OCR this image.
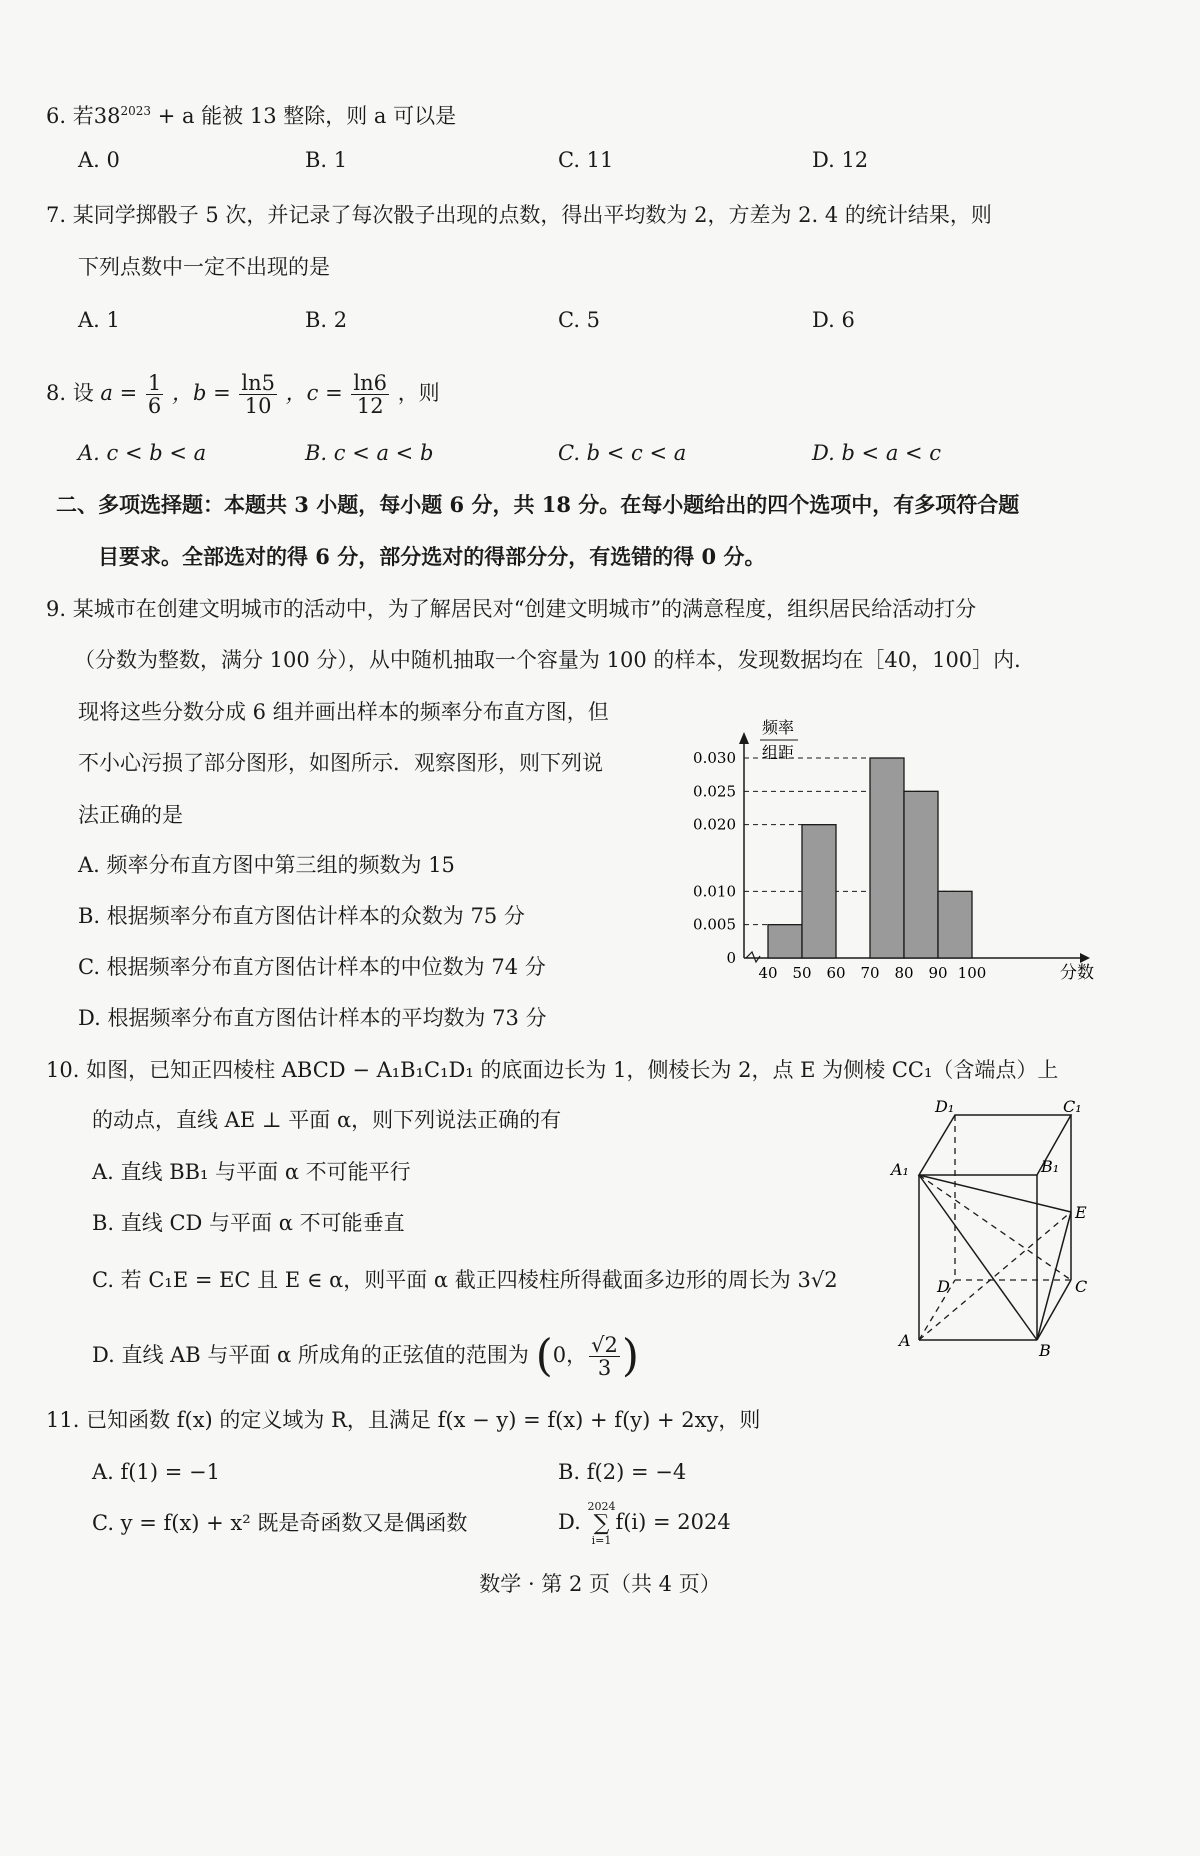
6. 若$38^{2023} + a$ 能被 13 整除，则 a 可以是
A. 0	B. 1	C. 11	D. 12
7. 某同学掷骰子 5 次，并记录了每次骰子出现的点数，得出平均数为 2，方差为 2. 4 的统计结果，则
下列点数中一定不出现的是
A. 1	B. 2	C. 5	D. 6
8. 设 $a = \frac{1}{6}$ ，$b = \frac{\ln 5}{10}$ ，$c = \frac{\ln 6}{12}$ ，则
A. c < b < a	B. c < a < b	C. b < c < a	D. b < a < c
二、多项选择题：本题共 3 小题，每小题 6 分，共 18 分。在每小题给出的四个选项中，有多项符合题
目要求。全部选对的得 6 分，部分选对的得部分分，有选错的得 0 分。
9. 某城市在创建文明城市的活动中，为了解居民对“创建文明城市”的满意程度，组织居民给活动打分
（分数为整数，满分 100 分），从中随机抽取一个容量为 100 的样本，发现数据均在［40，100］内．
现将这些分数分成 6 组并画出样本的频率分布直方图，但
不小心污损了部分图形，如图所示．观察图形，则下列说
法正确的是
A. 频率分布直方图中第三组的频数为 15
B. 根据频率分布直方图估计样本的众数为 75 分
C. 根据频率分布直方图估计样本的中位数为 74 分
D. 根据频率分布直方图估计样本的平均数为 73 分
0.030
0.025
0.020
0.010
0.005
0
40 50 60 70 80 90 100
频率
组距
分数
10. 如图，已知正四棱柱 ABCD − A₁B₁C₁D₁ 的底面边长为 1，侧棱长为 2，点 E 为侧棱 CC₁（含端点）上
的动点，直线 AE ⊥ 平面 α，则下列说法正确的有
A. 直线 BB₁ 与平面 α 不可能平行
B. 直线 CD 与平面 α 不可能垂直
C. 若 C₁E = EC 且 E ∈ α，则平面 α 截正四棱柱所得截面多边形的周长为 3√2
D. 直线 AB 与平面 α 所成角的正弦值的范围为 (0， $\frac{√2}{3}$ )
D₁	C₁
A₁	B₁
E
D	C
A
B
11. 已知函数 f(x) 的定义域为 R，且满足 f(x − y) = f(x) + f(y) + 2xy，则
A. f(1) = −1	B. f(2) = −4
C. y = f(x) + x² 既是奇函数又是偶函数	D.
2024
∑
i=1
f(i) = 2024
数学 · 第 2 页（共 4 页）
